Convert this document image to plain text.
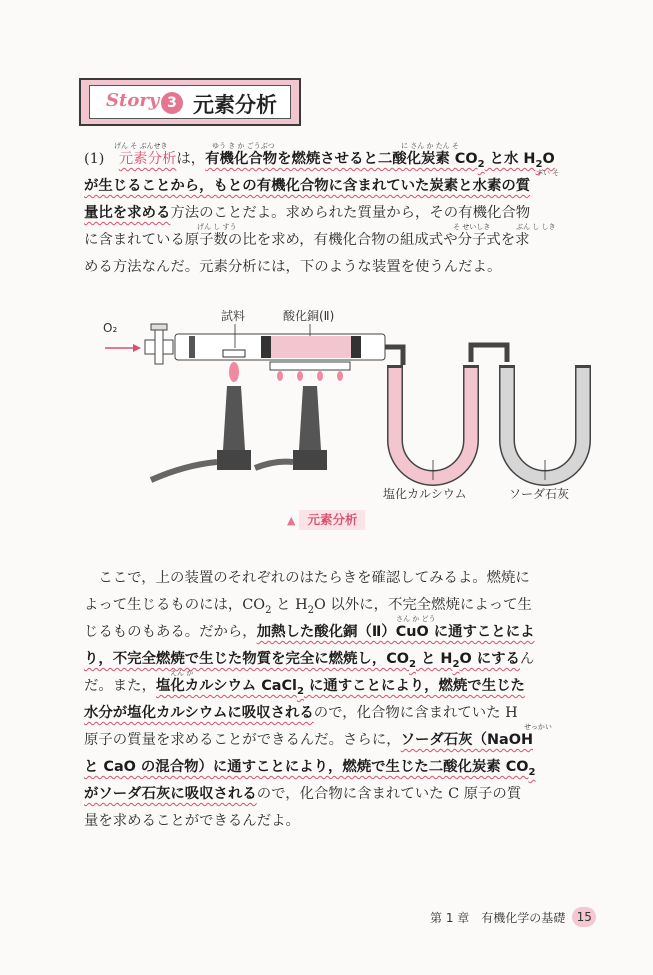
Story 3 元素分析
(1)　元素分析は，有機化合物を燃焼させると二酸化炭素 $CO_2$ と水 $H_2O$
げん そ ぶんせき	ゆう き か ごうぶつ	に さん か たん そ
が生じることから，もとの有機化合物に含まれていた炭素と水素の質
すい そ
量比を求める方法のことだよ。求められた質量から，その有機化合物
に含まれている原子数の比を求め，有機化合物の組成式や分子式を求
げん し すう	そ せいしき	ぶん し しき
める方法なんだ。元素分析には，下のような装置を使うんだよ。
O₂
試料	酸化銅(Ⅱ)
塩化カルシウム	ソーダ石灰
▲ 元素分析
　ここで，上の装置のそれぞれのはたらきを確認してみるよ。燃焼に
よって生じるものには，$CO_2$ と $H_2O$ 以外に，不完全燃焼によって生
じるものもある。だから，加熱した酸化銅（Ⅱ）CuO に通すことによ
さん か どう
り，不完全燃焼で生じた物質を完全に燃焼し，$CO_2$ と $H_2O$ にするん
だ。また，塩化カルシウム CaCl$_2$ に通すことにより，燃焼で生じた
えん か
水分が塩化カルシウムに吸収されるので，化合物に含まれていた H
原子の質量を求めることができるんだ。さらに，ソーダ石灰（NaOH
せっかい
と CaO の混合物）に通すことにより，燃焼で生じた二酸化炭素 $CO_2$
がソーダ石灰に吸収されるので，化合物に含まれていた C 原子の質
量を求めることができるんだよ。
第 1 章　有機化学の基礎 15
